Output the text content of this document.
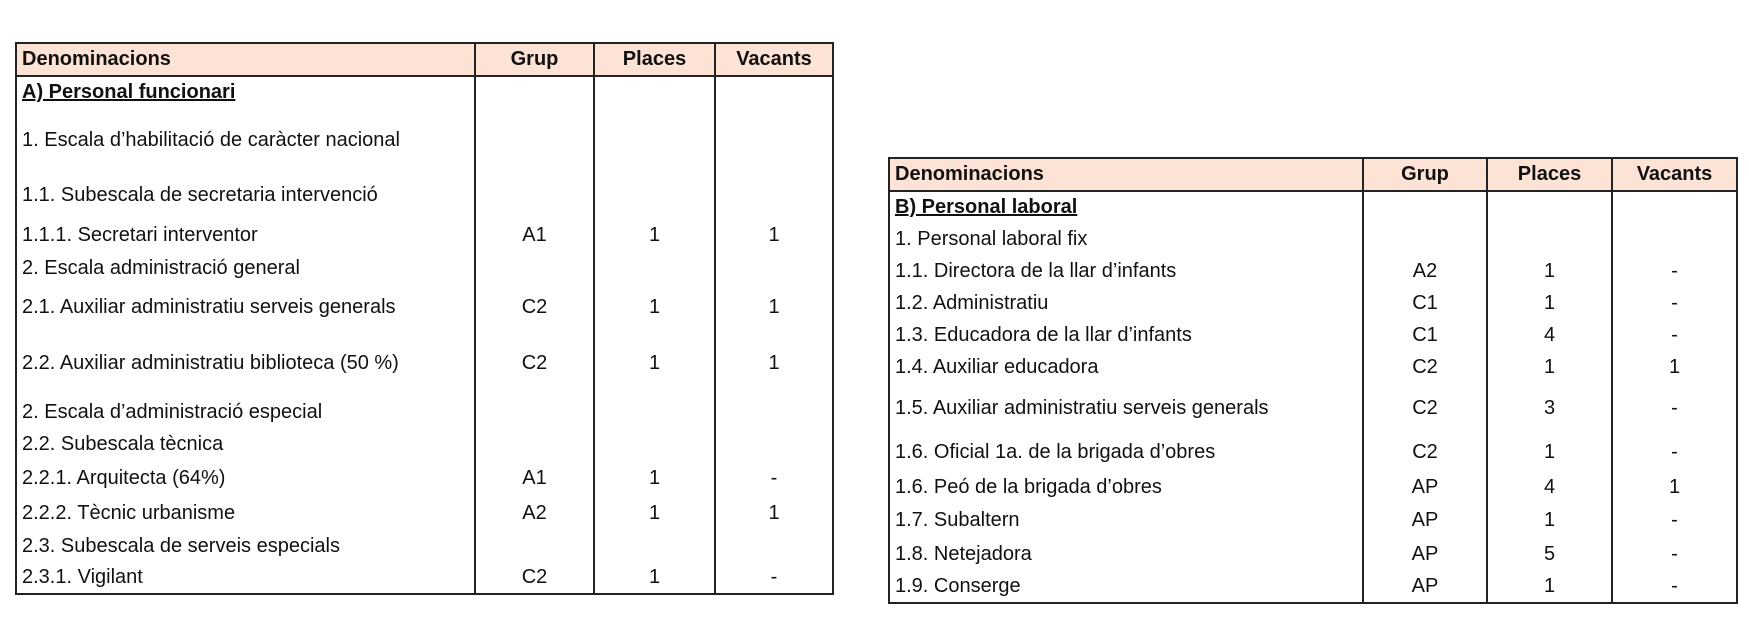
Denominacions	Grup	Places	Vacants
A) Personal funcionari			
1. Escala d’habilitació de caràcter nacional			
1.1. Subescala de secretaria intervenció			
1.1.1. Secretari interventor	A1	1	1
2. Escala administració general			
2.1. Auxiliar administratiu serveis generals	C2	1	1
2.2. Auxiliar administratiu biblioteca (50 %)	C2	1	1
2. Escala d’administració especial			
2.2. Subescala tècnica			
2.2.1. Arquitecta (64%)	A1	1	-
2.2.2. Tècnic urbanisme	A2	1	1
2.3. Subescala de serveis especials			
2.3.1. Vigilant	C2	1	-
Denominacions	Grup	Places	Vacants
B) Personal laboral			
1. Personal laboral fix			
1.1. Directora de la llar d’infants	A2	1	-
1.2. Administratiu	C1	1	-
1.3. Educadora de la llar d’infants	C1	4	-
1.4. Auxiliar educadora	C2	1	1
1.5. Auxiliar administratiu serveis generals	C2	3	-
1.6. Oficial 1a. de la brigada d’obres	C2	1	-
1.6. Peó de la brigada d’obres	AP	4	1
1.7. Subaltern	AP	1	-
1.8. Netejadora	AP	5	-
1.9. Conserge	AP	1	-
